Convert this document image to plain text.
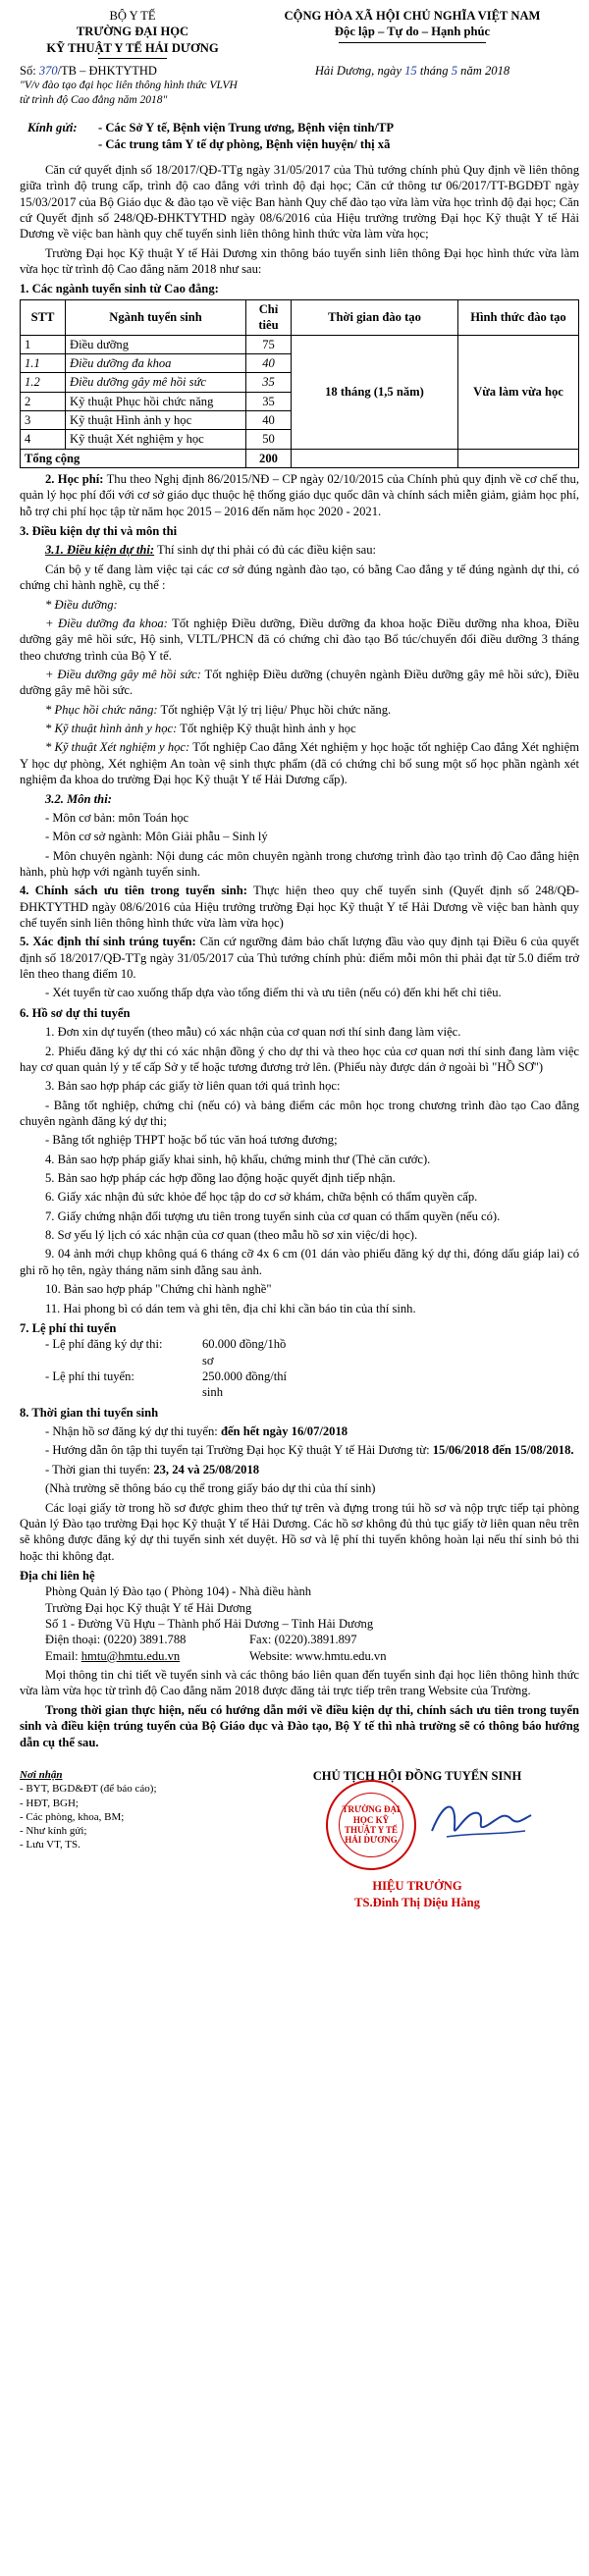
BỘ Y TẾ
TRƯỜNG ĐẠI HỌC
KỸ THUẬT Y TẾ HẢI DƯƠNG
CỘNG HÒA XÃ HỘI CHỦ NGHĨA VIỆT NAM
Độc lập – Tự do – Hạnh phúc
Số: 370/TB – ĐHKTYTHD
"V/v đào tạo đại học liên thông hình thức VLVH từ trình độ Cao đẳng năm 2018"
Hải Dương, ngày 15 tháng 5 năm 2018
Kính gửi:	- Các Sở Y tế, Bệnh viện Trung ương, Bệnh viện tỉnh/TP
- Các trung tâm Y tế dự phòng, Bệnh viện huyện/ thị xã

Căn cứ quyết định số 18/2017/QĐ-TTg ngày 31/05/2017 của Thủ tướng chính phủ Quy định về liên thông giữa trình độ trung cấp, trình độ cao đẳng với trình độ đại học; Căn cứ thông tư 06/2017/TT-BGDĐT ngày 15/03/2017 của Bộ Giáo dục & đào tạo về việc Ban hành Quy chế đào tạo vừa làm vừa học trình độ đại học; Căn cứ Quyết định số 248/QĐ-ĐHKTYTHD ngày 08/6/2016 của Hiệu trưởng trường Đại học Kỹ thuật Y tế Hải Dương về việc ban hành quy chế tuyển sinh liên thông hình thức vừa làm vừa học;

Trường Đại học Kỹ thuật Y tế Hải Dương xin thông báo tuyển sinh liên thông Đại học hình thức vừa làm vừa học từ trình độ Cao đẳng năm 2018 như sau:

1. Các ngành tuyển sinh từ Cao đẳng:
STT	Ngành tuyển sinh	Chỉ tiêu	Thời gian đào tạo	Hình thức đào tạo
1	Điều dưỡng	75	18 tháng (1,5 năm)	Vừa làm vừa học
1.1	Điều dưỡng đa khoa	40		
1.2	Điều dưỡng gây mê hồi sức	35		
2	Kỹ thuật Phục hồi chức năng	35		
3	Kỹ thuật Hình ảnh y học	40		
4	Kỹ thuật Xét nghiệm y học	50		
Tổng cộng		200		

2. Học phí: Thu theo Nghị định 86/2015/NĐ – CP ngày 02/10/2015 của Chính phủ quy định về cơ chế thu, quản lý học phí đối với cơ sở giáo dục thuộc hệ thống giáo dục quốc dân và chính sách miễn giảm, giảm học phí, hỗ trợ chi phí học tập từ năm học 2015 – 2016 đến năm học 2020 - 2021.

3. Điều kiện dự thi và môn thi

3.1. Điều kiện dự thi: Thí sinh dự thi phải có đủ các điều kiện sau:

Cán bộ y tế đang làm việc tại các cơ sở đúng ngành đào tạo, có bằng Cao đẳng y tế đúng ngành dự thi, có chứng chỉ hành nghề, cụ thể :

* Điều dưỡng:

+ Điều dưỡng đa khoa: Tốt nghiệp Điều dưỡng, Điều dưỡng đa khoa hoặc Điều dưỡng nha khoa, Điều dưỡng gây mê hồi sức, Hộ sinh, VLTL/PHCN đã có chứng chỉ đào tạo Bổ túc/chuyển đổi điều dưỡng 3 tháng theo chương trình của Bộ Y tế.

+ Điều dưỡng gây mê hồi sức: Tốt nghiệp Điều dưỡng (chuyên ngành Điều dưỡng gây mê hồi sức), Điều dưỡng gây mê hồi sức.

* Phục hồi chức năng: Tốt nghiệp Vật lý trị liệu/ Phục hồi chức năng.

* Kỹ thuật hình ảnh y học: Tốt nghiệp Kỹ thuật hình ảnh y học

* Kỹ thuật Xét nghiệm y học: Tốt nghiệp Cao đẳng Xét nghiệm y học hoặc tốt nghiệp Cao đẳng Xét nghiệm Y học dự phòng, Xét nghiệm An toàn vệ sinh thực phẩm (đã có chứng chỉ bổ sung một số học phần ngành xét nghiệm đa khoa do trường Đại học Kỹ thuật Y tế Hải Dương cấp).

3.2. Môn thi:

- Môn cơ bản: môn Toán học

- Môn cơ sở ngành: Môn Giải phẫu – Sinh lý

- Môn chuyên ngành: Nội dung các môn chuyên ngành trong chương trình đào tạo trình độ Cao đẳng hiện hành, phù hợp với ngành tuyển sinh.

4. Chính sách ưu tiên trong tuyển sinh: Thực hiện theo quy chế tuyển sinh (Quyết định số 248/QĐ-ĐHKTYTHD ngày 08/6/2016 của Hiệu trưởng trường Đại học Kỹ thuật Y tế Hải Dương về việc ban hành quy chế tuyển sinh liên thông hình thức vừa làm vừa học)

5. Xác định thí sinh trúng tuyển: Căn cứ ngưỡng đảm bảo chất lượng đầu vào quy định tại Điều 6 của quyết định số 18/2017/QĐ-TTg ngày 31/05/2017 của Thủ tướng chính phủ: điểm mỗi môn thi phải đạt từ 5.0 điểm trở lên theo thang điểm 10.

- Xét tuyển từ cao xuống thấp dựa vào tổng điểm thi và ưu tiên (nếu có) đến khi hết chỉ tiêu.

6. Hồ sơ dự thi tuyển

1. Đơn xin dự tuyển (theo mẫu) có xác nhận của cơ quan nơi thí sinh đang làm việc.

2. Phiếu đăng ký dự thi có xác nhận đồng ý cho dự thi và theo học của cơ quan nơi thí sinh đang làm việc hay cơ quan quản lý y tế cấp Sở y tế hoặc tương đương trở lên. (Phiếu này được dán ở ngoài bì "HỒ SƠ")

3. Bản sao hợp pháp các giấy tờ liên quan tới quá trình học:

- Bằng tốt nghiệp, chứng chỉ (nếu có) và bảng điểm các môn học trong chương trình đào tạo Cao đẳng chuyên ngành đăng ký dự thi;

- Bằng tốt nghiệp THPT hoặc bổ túc văn hoá tương đương;

4. Bản sao hợp pháp giấy khai sinh, hộ khẩu, chứng minh thư (Thẻ căn cước).

5. Bản sao hợp pháp các hợp đồng lao động hoặc quyết định tiếp nhận.

6. Giấy xác nhận đủ sức khỏe để học tập do cơ sở khám, chữa bệnh có thẩm quyền cấp.

7. Giấy chứng nhận đối tượng ưu tiên trong tuyển sinh của cơ quan có thẩm quyền (nếu có).

8. Sơ yếu lý lịch có xác nhận của cơ quan (theo mẫu hồ sơ xin việc/di học).

9. 04 ảnh mới chụp không quá 6 tháng cỡ 4x 6 cm (01 dán vào phiếu đăng ký dự thi, đóng dấu giáp lai) có ghi rõ họ tên, ngày tháng năm sinh đằng sau ảnh.

10. Bản sao hợp pháp "Chứng chỉ hành nghề"

11. Hai phong bì có dán tem và ghi tên, địa chỉ khi cần báo tin của thí sinh.

7. Lệ phí thi tuyển
- Lệ phí đăng ký dự thi:	60.000 đồng/1hồ sơ
- Lệ phí thi tuyển:	250.000 đồng/thí sinh
8. Thời gian thi tuyển sinh

- Nhận hồ sơ đăng ký dự thi tuyển: đến hết ngày 16/07/2018

- Hướng dẫn ôn tập thi tuyển tại Trường Đại học Kỹ thuật Y tế Hải Dương từ: 15/06/2018 đến 15/08/2018.

- Thời gian thi tuyển: 23, 24 và 25/08/2018

(Nhà trường sẽ thông báo cụ thể trong giấy báo dự thi của thí sinh)

Các loại giấy tờ trong hồ sơ được ghim theo thứ tự trên và đựng trong túi hồ sơ và nộp trực tiếp tại phòng Quản lý Đào tạo trường Đại học Kỹ thuật Y tế Hải Dương. Các hồ sơ không đủ thủ tục giấy tờ liên quan nêu trên sẽ không được đăng ký dự thi tuyển sinh xét duyệt. Hồ sơ và lệ phí thi tuyển không hoàn lại nếu thí sinh bỏ thi hoặc thi không đạt.

Địa chỉ liên hệ
Phòng Quản lý Đào tạo ( Phòng 104) - Nhà điều hành
Trường Đại học Kỹ thuật Y tế Hải Dương
Số 1 - Đường Vũ Hựu – Thành phố Hải Dương – Tỉnh Hải Dương
Điện thoại: (0220) 3891.788	Fax: (0220).3891.897
Email: hmtu@hmtu.edu.vn	Website: www.hmtu.edu.vn

Mọi thông tin chi tiết về tuyển sinh và các thông báo liên quan đến tuyển sinh đại học liên thông hình thức vừa làm vừa học từ trình độ Cao đẳng năm 2018 được đăng tải trực tiếp trên trang Website của Trường.

Trong thời gian thực hiện, nếu có hướng dẫn mới về điều kiện dự thi, chính sách ưu tiên trong tuyển sinh và điều kiện trúng tuyển của Bộ Giáo dục và Đào tạo, Bộ Y tế thì nhà trường sẽ có thông báo hướng dẫn cụ thể sau.

Nơi nhận
- BYT, BGD&ĐT (để báo cáo);
- HĐT, BGH;
- Các phòng, khoa, BM;
- Như kính gửi;
- Lưu VT, TS.
CHỦ TỊCH HỘI ĐỒNG TUYỂN SINH
TRƯỜNG ĐẠI HỌC KỸ THUẬT Y TẾ HẢI DƯƠNG
HIỆU TRƯỞNG
TS.Đinh Thị Diệu Hằng
